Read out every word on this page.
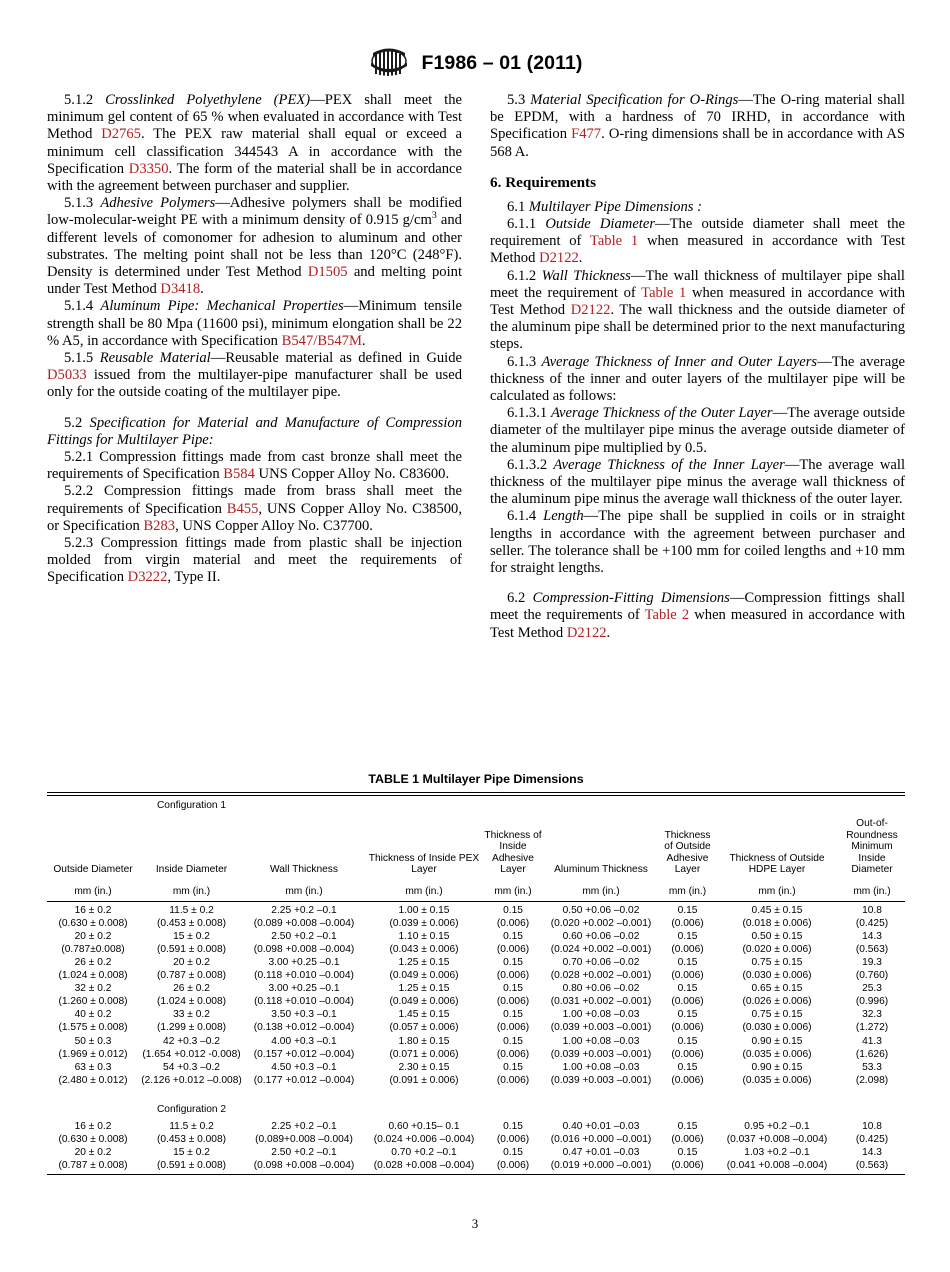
F1986 – 01 (2011)

5.1.2 Crosslinked Polyethylene (PEX)—PEX shall meet the minimum gel content of 65 % when evaluated in accordance with Test Method D2765. The PEX raw material shall equal or exceed a minimum cell classification 344543 A in accordance with the Specification D3350. The form of the material shall be in accordance with the agreement between purchaser and supplier.

5.1.3 Adhesive Polymers—Adhesive polymers shall be modified low-molecular-weight PE with a minimum density of 0.915 $g/cm^3$ and different levels of comonomer for adhesion to aluminum and other substrates. The melting point shall not be less than 120°C (248°F). Density is determined under Test Method D1505 and melting point under Test Method D3418.

5.1.4 Aluminum Pipe: Mechanical Properties—Minimum tensile strength shall be 80 Mpa (11600 psi), minimum elongation shall be 22 % A5, in accordance with Specification B547/B547M.

5.1.5 Reusable Material—Reusable material as defined in Guide D5033 issued from the multilayer-pipe manufacturer shall be used only for the outside coating of the multilayer pipe.

5.2 Specification for Material and Manufacture of Compression Fittings for Multilayer Pipe:

5.2.1 Compression fittings made from cast bronze shall meet the requirements of Specification B584 UNS Copper Alloy No. C83600.

5.2.2 Compression fittings made from brass shall meet the requirements of Specification B455, UNS Copper Alloy No. C38500, or Specification B283, UNS Copper Alloy No. C37700.

5.2.3 Compression fittings made from plastic shall be injection molded from virgin material and meet the requirements of Specification D3222, Type II.

5.3 Material Specification for O-Rings—The O-ring material shall be EPDM, with a hardness of 70 IRHD, in accordance with Specification F477. O-ring dimensions shall be in accordance with AS 568 A.

6. Requirements

6.1 Multilayer Pipe Dimensions :

6.1.1 Outside Diameter—The outside diameter shall meet the requirement of Table 1 when measured in accordance with Test Method D2122.

6.1.2 Wall Thickness—The wall thickness of multilayer pipe shall meet the requirement of Table 1 when measured in accordance with Test Method D2122. The wall thickness and the outside diameter of the aluminum pipe shall be determined prior to the next manufacturing steps.

6.1.3 Average Thickness of Inner and Outer Layers—The average thickness of the inner and outer layers of the multilayer pipe will be calculated as follows:

6.1.3.1 Average Thickness of the Outer Layer—The average outside diameter of the multilayer pipe minus the average outside diameter of the aluminum pipe multiplied by 0.5.

6.1.3.2 Average Thickness of the Inner Layer—The average wall thickness of the multilayer pipe minus the average wall thickness of the aluminum pipe minus the average wall thickness of the outer layer.

6.1.4 Length—The pipe shall be supplied in coils or in straight lengths in accordance with the agreement between purchaser and seller. The tolerance shall be +100 mm for coiled lengths and +10 mm for straight lengths.

6.2 Compression-Fitting Dimensions—Compression fittings shall meet the requirements of Table 2 when measured in accordance with Test Method D2122.

TABLE 1 Multilayer Pipe Dimensions
	Configuration 1							
Outside Diameter	Inside Diameter	Wall Thickness	Thickness of Inside PEX Layer	Thickness of Inside Adhesive Layer	Aluminum Thickness	Thickness of Outside Adhesive Layer	Thickness of Outside HDPE Layer	Out-of-Roundness Minimum Inside Diameter
mm (in.)	mm (in.)	mm (in.)	mm (in.)	mm (in.)	mm (in.)	mm (in.)	mm (in.)	mm (in.)

16 ± 0.2	11.5 ± 0.2	2.25 +0.2 –0.1	1.00 ± 0.15	0.15	0.50 +0.06 –0.02	0.15	0.45 ± 0.15	10.8
(0.630 ± 0.008)	(0.453 ± 0.008)	(0.089 +0.008 –0.004)	(0.039 ± 0.006)	(0.006)	(0.020 +0.002 –0.001)	(0.006)	(0.018 ± 0.006)	(0.425)
20 ± 0.2	15 ± 0.2	2.50 +0.2 –0.1	1.10 ± 0.15	0.15	0.60 +0.06 –0.02	0.15	0.50 ± 0.15	14.3
(0.787±0.008)	(0.591 ± 0.008)	(0.098 +0.008 –0.004)	(0.043 ± 0.006)	(0.006)	(0.024 +0.002 –0.001)	(0.006)	(0.020 ± 0.006)	(0.563)
26 ± 0.2	20 ± 0.2	3.00 +0.25 –0.1	1.25 ± 0.15	0.15	0.70 +0.06 –0.02	0.15	0.75 ± 0.15	19.3
(1.024 ± 0.008)	(0.787 ± 0.008)	(0.118 +0.010 –0.004)	(0.049 ± 0.006)	(0.006)	(0.028 +0.002 –0.001)	(0.006)	(0.030 ± 0.006)	(0.760)
32 ± 0.2	26 ± 0.2	3.00 +0.25 –0.1	1.25 ± 0.15	0.15	0.80 +0.06 –0.02	0.15	0.65 ± 0.15	25.3
(1.260 ± 0.008)	(1.024 ± 0.008)	(0.118 +0.010 –0.004)	(0.049 ± 0.006)	(0.006)	(0.031 +0.002 –0.001)	(0.006)	(0.026 ± 0.006)	(0.996)
40 ± 0.2	33 ± 0.2	3.50 +0.3 –0.1	1.45 ± 0.15	0.15	1.00 +0.08 –0.03	0.15	0.75 ± 0.15	32.3
(1.575 ± 0.008)	(1.299 ± 0.008)	(0.138 +0.012 –0.004)	(0.057 ± 0.006)	(0.006)	(0.039 +0.003 –0.001)	(0.006)	(0.030 ± 0.006)	(1.272)
50 ± 0.3	42 +0.3 –0.2	4.00 +0.3 –0.1	1.80 ± 0.15	0.15	1.00 +0.08 –0.03	0.15	0.90 ± 0.15	41.3
(1.969 ± 0.012)	(1.654 +0.012 -0.008)	(0.157 +0.012 –0.004)	(0.071 ± 0.006)	(0.006)	(0.039 +0.003 –0.001)	(0.006)	(0.035 ± 0.006)	(1.626)
63 ± 0.3	54 +0.3 –0.2	4.50 +0.3 –0.1	2.30 ± 0.15	0.15	1.00 +0.08 –0.03	0.15	0.90 ± 0.15	53.3
(2.480 ± 0.012)	(2.126 +0.012 –0.008)	(0.177 +0.012 –0.004)	(0.091 ± 0.006)	(0.006)	(0.039 +0.003 –0.001)	(0.006)	(0.035 ± 0.006)	(2.098)

	Configuration 2							
16 ± 0.2	11.5 ± 0.2	2.25 +0.2 –0.1	0.60 +0.15– 0.1	0.15	0.40 +0.01 –0.03	0.15	0.95 +0.2 –0.1	10.8
(0.630 ± 0.008)	(0.453 ± 0.008)	(0.089+0.008 –0.004)	(0.024 +0.006 –0.004)	(0.006)	(0.016 +0.000 –0.001)	(0.006)	(0.037 +0.008 –0.004)	(0.425)
20 ± 0.2	15 ± 0.2	2.50 +0.2 –0.1	0.70 +0.2 –0.1	0.15	0.47 +0.01 –0.03	0.15	1.03 +0.2 –0.1	14.3
(0.787 ± 0.008)	(0.591 ± 0.008)	(0.098 +0.008 –0.004)	(0.028 +0.008 –0.004)	(0.006)	(0.019 +0.000 –0.001)	(0.006)	(0.041 +0.008 –0.004)	(0.563)
3
